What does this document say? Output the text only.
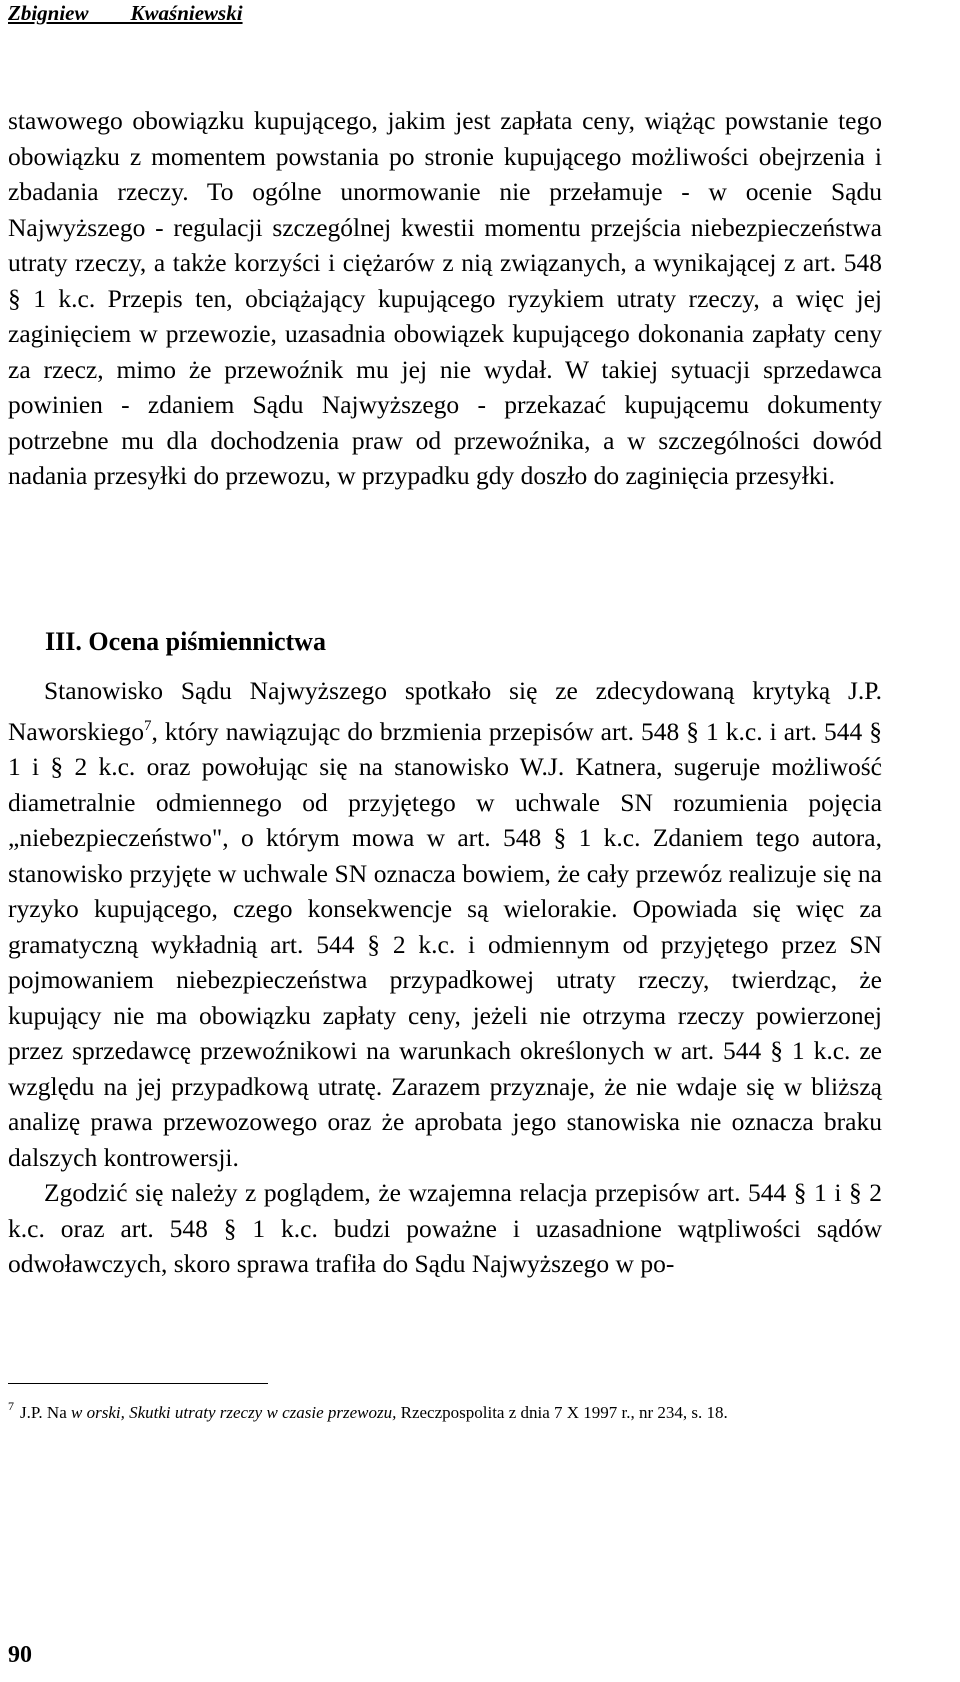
Zbigniew        Kwaśniewski

stawowego obowiązku kupującego, jakim jest zapłata ceny, wiążąc powstanie tego obowiązku z momentem powstania po stronie kupującego możliwości obejrzenia i zbadania rzeczy. To ogólne unormowanie nie przełamuje - w ocenie Sądu Najwyższego - regulacji szczególnej kwestii momentu przejścia niebezpieczeństwa utraty rzeczy, a także korzyści i ciężarów z nią związanych, a wynikającej z art. 548 § 1 k.c. Przepis ten, obciążający kupującego ryzykiem utraty rzeczy, a więc jej zaginięciem w przewozie, uzasadnia obowiązek kupującego dokonania zapłaty ceny za rzecz, mimo że przewoźnik mu jej nie wydał. W takiej sytuacji sprzedawca powinien - zdaniem Sądu Najwyższego - przekazać kupującemu dokumenty potrzebne mu dla dochodzenia praw od przewoźnika, a w szczególności dowód nadania przesyłki do przewozu, w przypadku gdy doszło do zaginięcia przesyłki.

III. Ocena piśmiennictwa

Stanowisko Sądu Najwyższego spotkało się ze zdecydowaną krytyką J.P. Naworskiego$^7$, który nawiązując do brzmienia przepisów art. 548 § 1 k.c. i art. 544 § 1 i § 2 k.c. oraz powołując się na stanowisko W.J. Katnera, sugeruje możliwość diametralnie odmiennego od przyjętego w uchwale SN rozumienia pojęcia „niebezpieczeństwo", o którym mowa w art. 548 § 1 k.c. Zdaniem tego autora, stanowisko przyjęte w uchwale SN oznacza bowiem, że cały przewóz realizuje się na ryzyko kupującego, czego konsekwencje są wielorakie. Opowiada się więc za gramatyczną wykładnią art. 544 § 2 k.c. i odmiennym od przyjętego przez SN pojmowaniem niebezpieczeństwa przypadkowej utraty rzeczy, twierdząc, że kupujący nie ma obowiązku zapłaty ceny, jeżeli nie otrzyma rzeczy powierzonej przez sprzedawcę przewoźnikowi na warunkach określonych w art. 544 § 1 k.c. ze względu na jej przypadkową utratę. Zarazem przyznaje, że nie wdaje się w bliższą analizę prawa przewozowego oraz że aprobata jego stanowiska nie oznacza braku dalszych kontrowersji.

Zgodzić się należy z poglądem, że wzajemna relacja przepisów art. 544 § 1 i § 2 k.c. oraz art. 548 § 1 k.c. budzi poważne i uzasadnione wątpliwości sądów odwoławczych, skoro sprawa trafiła do Sądu Najwyższego w po-

$^7$ J.P. Na w orski, Skutki utraty rzeczy w czasie przewozu, Rzeczpospolita z dnia 7 X 1997 r., nr 234, s. 18.

90
